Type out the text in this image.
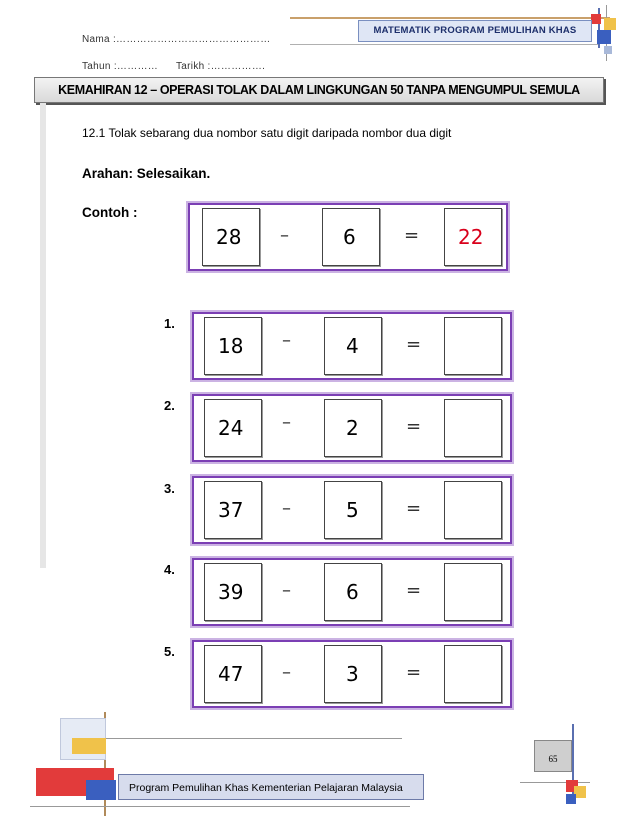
MATEMATIK PROGRAM PEMULIHAN KHAS
Nama :………………………………………
Tahun :………… Tarikh :…………….
KEMAHIRAN 12 – OPERASI TOLAK DALAM LINGKUNGAN 50 TANPA MENGUMPUL SEMULA
12.1 Tolak sebarang dua nombor satu digit daripada nombor dua digit
Arahan: Selesaikan.
Contoh :
28 –	6	= 22
1.
18 –	4	=
2.
24 –	2	=
3.
37 –	5	=
4.
39 –	6	=
5.
47 –	3	=
65
Program Pemulihan Khas Kementerian Pelajaran Malaysia
